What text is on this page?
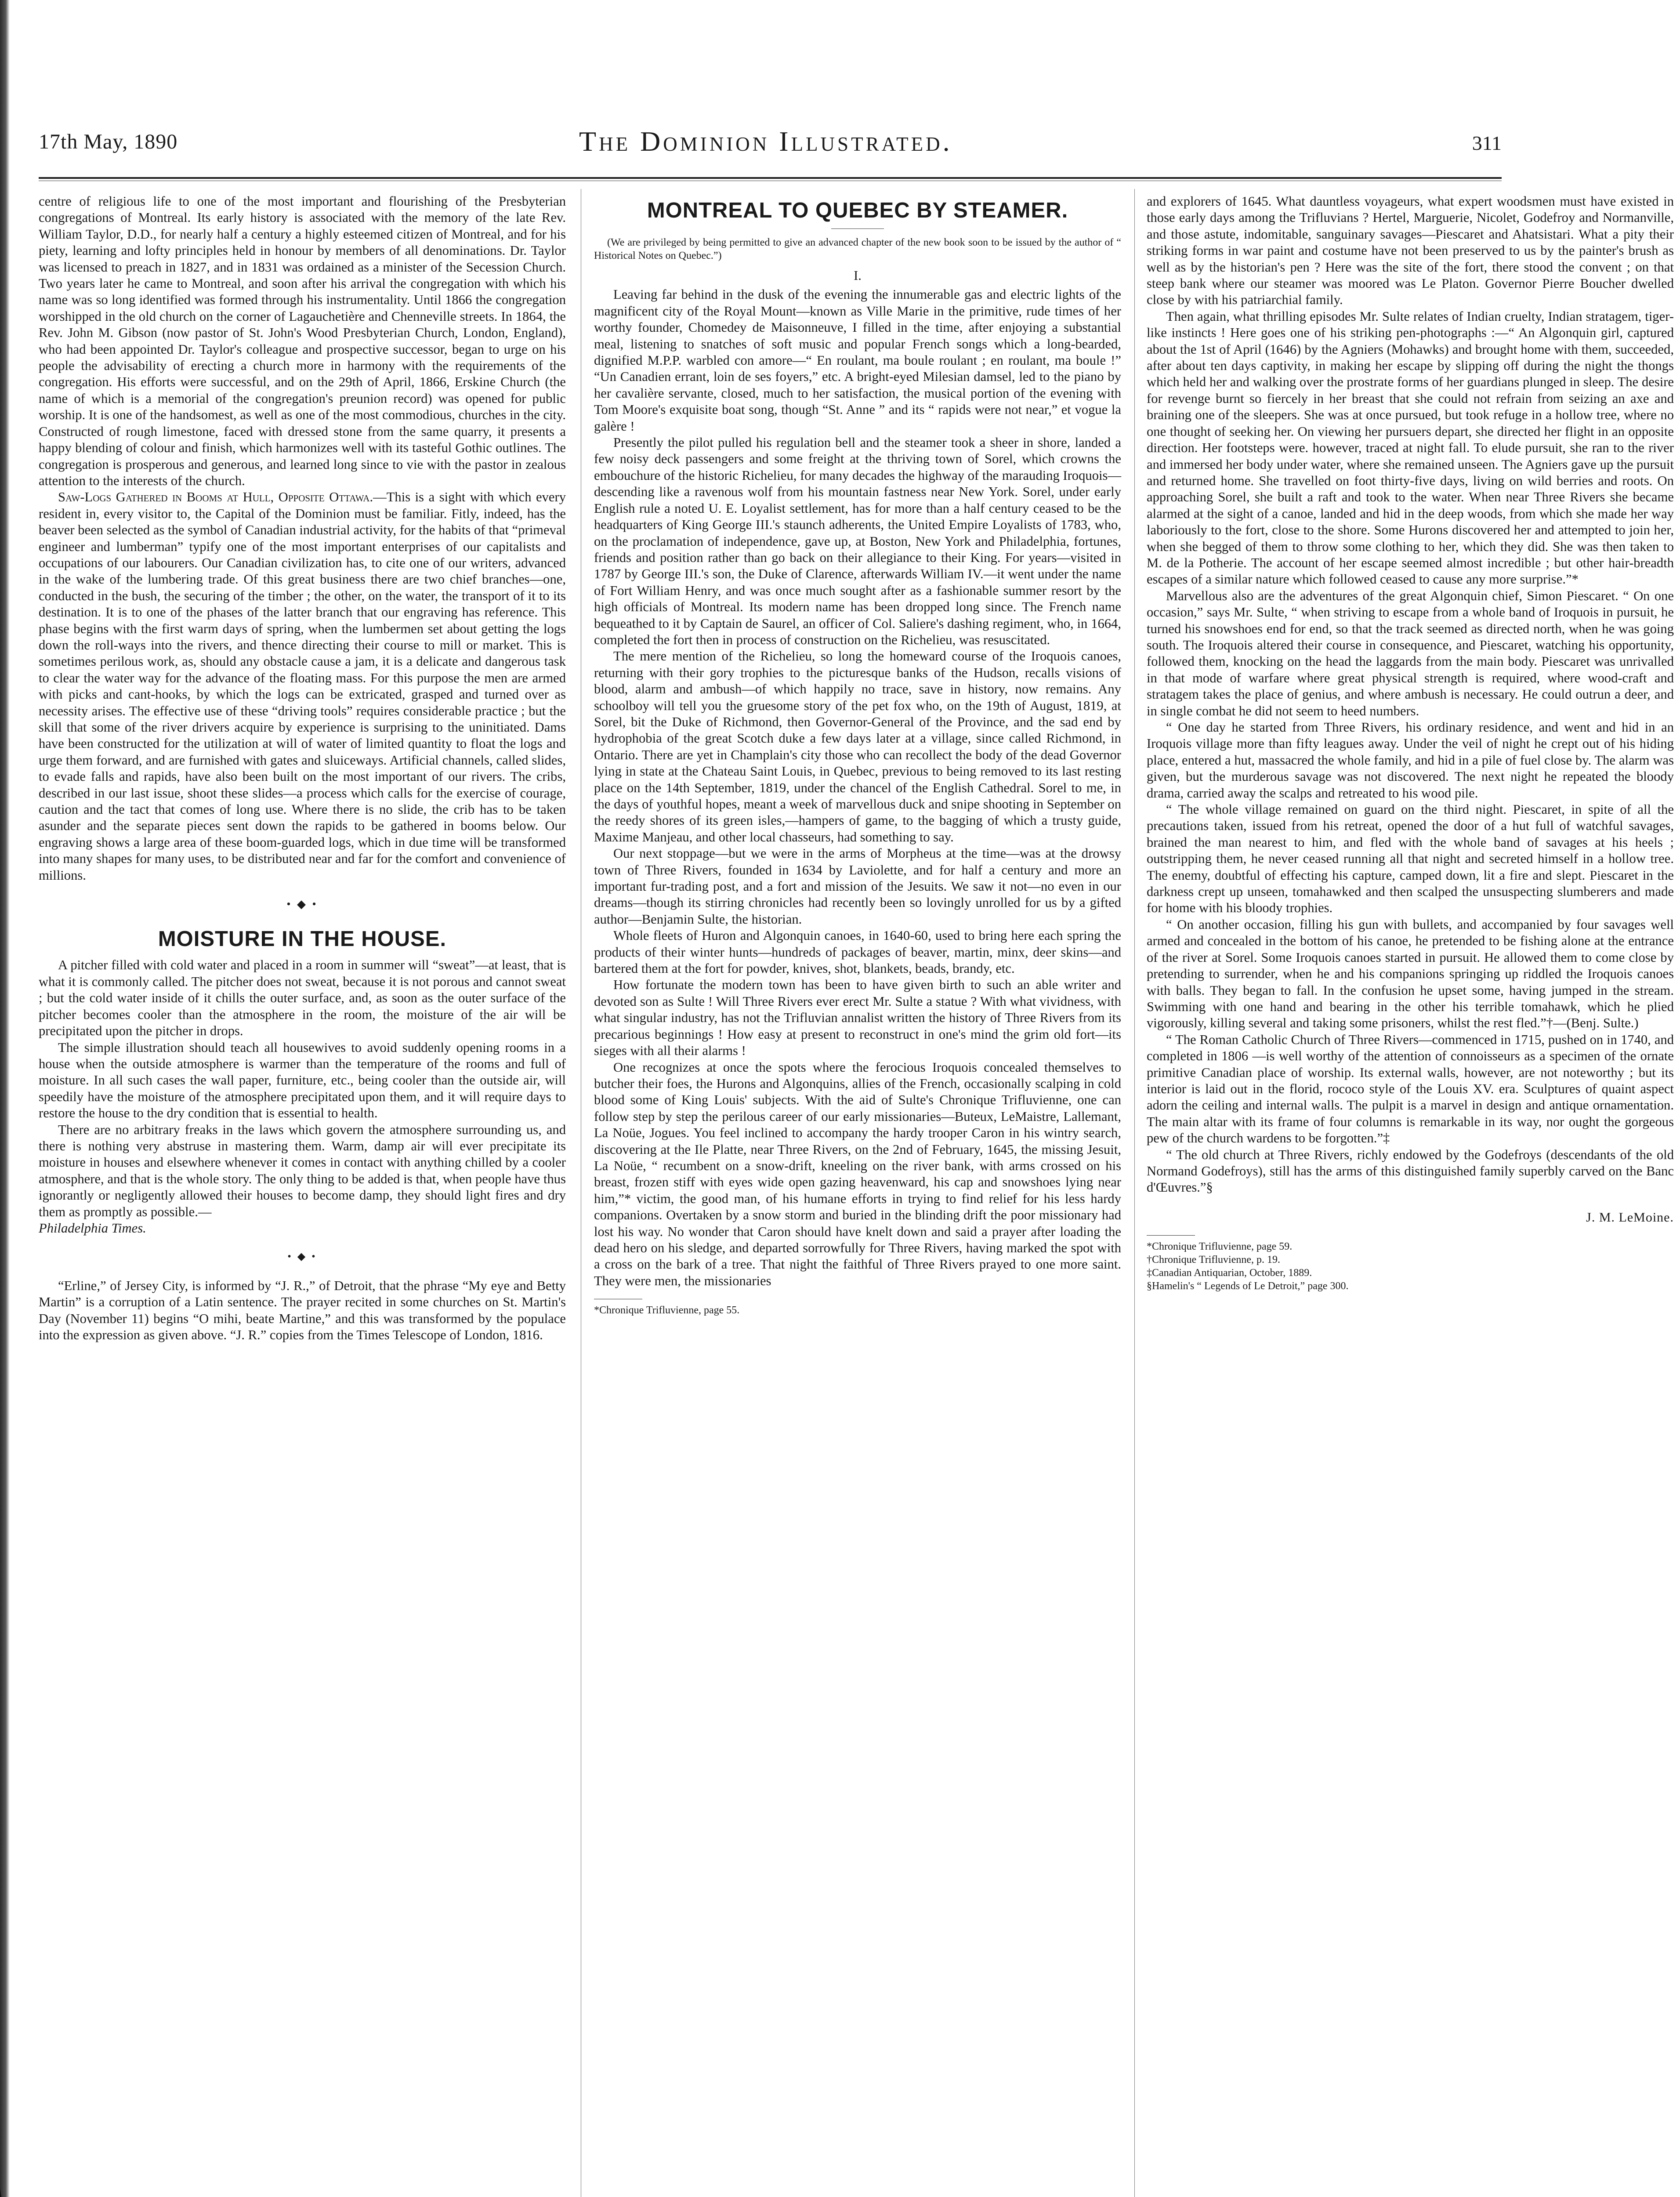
17th May, 1890	The Dominion Illustrated.	311

centre of religious life to one of the most important and flourishing of the Presbyterian congregations of Montreal. Its early history is associated with the memory of the late Rev. William Taylor, D.D., for nearly half a century a highly esteemed citizen of Montreal, and for his piety, learning and lofty principles held in honour by members of all denominations. Dr. Taylor was licensed to preach in 1827, and in 1831 was ordained as a minister of the Secession Church. Two years later he came to Montreal, and soon after his arrival the congregation with which his name was so long identified was formed through his instrumentality. Until 1866 the congregation worshipped in the old church on the corner of Lagauchetière and Chenneville streets. In 1864, the Rev. John M. Gibson (now pastor of St. John's Wood Presbyterian Church, London, England), who had been appointed Dr. Taylor's colleague and prospective successor, began to urge on his people the advisability of erecting a church more in harmony with the requirements of the congregation. His efforts were successful, and on the 29th of April, 1866, Erskine Church (the name of which is a memorial of the congregation's preunion record) was opened for public worship. It is one of the handsomest, as well as one of the most commodious, churches in the city. Constructed of rough limestone, faced with dressed stone from the same quarry, it presents a happy blending of colour and finish, which harmonizes well with its tasteful Gothic outlines. The congregation is prosperous and generous, and learned long since to vie with the pastor in zealous attention to the interests of the church.

Saw-Logs Gathered in Booms at Hull, Opposite Ottawa.—This is a sight with which every resident in, every visitor to, the Capital of the Dominion must be familiar. Fitly, indeed, has the beaver been selected as the symbol of Canadian industrial activity, for the habits of that “primeval engineer and lumberman” typify one of the most important enterprises of our capitalists and occupations of our labourers. Our Canadian civilization has, to cite one of our writers, advanced in the wake of the lumbering trade. Of this great business there are two chief branches—one, conducted in the bush, the securing of the timber ; the other, on the water, the transport of it to its destination. It is to one of the phases of the latter branch that our engraving has reference. This phase begins with the first warm days of spring, when the lumbermen set about getting the logs down the roll-ways into the rivers, and thence directing their course to mill or market. This is sometimes perilous work, as, should any obstacle cause a jam, it is a delicate and dangerous task to clear the water way for the advance of the floating mass. For this purpose the men are armed with picks and cant-hooks, by which the logs can be extricated, grasped and turned over as necessity arises. The effective use of these “driving tools” requires considerable practice ; but the skill that some of the river drivers acquire by experience is surprising to the uninitiated. Dams have been constructed for the utilization at will of water of limited quantity to float the logs and urge them forward, and are furnished with gates and sluiceways. Artificial channels, called slides, to evade falls and rapids, have also been built on the most important of our rivers. The cribs, described in our last issue, shoot these slides—a process which calls for the exercise of courage, caution and the tact that comes of long use. Where there is no slide, the crib has to be taken asunder and the separate pieces sent down the rapids to be gathered in booms below. Our engraving shows a large area of these boom-guarded logs, which in due time will be transformed into many shapes for many uses, to be distributed near and far for the comfort and convenience of millions.

• ◆ •
MOISTURE IN THE HOUSE.

A pitcher filled with cold water and placed in a room in summer will “sweat”—at least, that is what it is commonly called. The pitcher does not sweat, because it is not porous and cannot sweat ; but the cold water inside of it chills the outer surface, and, as soon as the outer surface of the pitcher becomes cooler than the atmosphere in the room, the moisture of the air will be precipitated upon the pitcher in drops.

The simple illustration should teach all housewives to avoid suddenly opening rooms in a house when the outside atmosphere is warmer than the temperature of the rooms and full of moisture. In all such cases the wall paper, furniture, etc., being cooler than the outside air, will speedily have the moisture of the atmosphere precipitated upon them, and it will require days to restore the house to the dry condition that is essential to health.

There are no arbitrary freaks in the laws which govern the atmosphere surrounding us, and there is nothing very abstruse in mastering them. Warm, damp air will ever precipitate its moisture in houses and elsewhere whenever it comes in contact with anything chilled by a cooler atmosphere, and that is the whole story. The only thing to be added is that, when people have thus ignorantly or negligently allowed their houses to become damp, they should light fires and dry them as promptly as possible.—
Philadelphia Times.

• ◆ •

“Erline,” of Jersey City, is informed by “J. R.,” of Detroit, that the phrase “My eye and Betty Martin” is a corruption of a Latin sentence. The prayer recited in some churches on St. Martin's Day (November 11) begins “O mihi, beate Martine,” and this was transformed by the populace into the expression as given above. “J. R.” copies from the Times Telescope of London, 1816.

MONTREAL TO QUEBEC BY STEAMER.

(We are privileged by being permitted to give an advanced chapter of the new book soon to be issued by the author of “ Historical Notes on Quebec.”)

I.

Leaving far behind in the dusk of the evening the innumerable gas and electric lights of the magnificent city of the Royal Mount—known as Ville Marie in the primitive, rude times of her worthy founder, Chomedey de Maisonneuve, I filled in the time, after enjoying a substantial meal, listening to snatches of soft music and popular French songs which a long-bearded, dignified M.P.P. warbled con amore—“ En roulant, ma boule roulant ; en roulant, ma boule !” “Un Canadien errant, loin de ses foyers,” etc. A bright-eyed Milesian damsel, led to the piano by her cavalière servante, closed, much to her satisfaction, the musical portion of the evening with Tom Moore's exquisite boat song, though “St. Anne ” and its “ rapids were not near,” et vogue la galère !

Presently the pilot pulled his regulation bell and the steamer took a sheer in shore, landed a few noisy deck passengers and some freight at the thriving town of Sorel, which crowns the embouchure of the historic Richelieu, for many decades the highway of the marauding Iroquois—descending like a ravenous wolf from his mountain fastness near New York. Sorel, under early English rule a noted U. E. Loyalist settlement, has for more than a half century ceased to be the headquarters of King George III.'s staunch adherents, the United Empire Loyalists of 1783, who, on the proclamation of independence, gave up, at Boston, New York and Philadelphia, fortunes, friends and position rather than go back on their allegiance to their King. For years—visited in 1787 by George III.'s son, the Duke of Clarence, afterwards William IV.—it went under the name of Fort William Henry, and was once much sought after as a fashionable summer resort by the high officials of Montreal. Its modern name has been dropped long since. The French name bequeathed to it by Captain de Saurel, an officer of Col. Saliere's dashing regiment, who, in 1664, completed the fort then in process of construction on the Richelieu, was resuscitated.

The mere mention of the Richelieu, so long the homeward course of the Iroquois canoes, returning with their gory trophies to the picturesque banks of the Hudson, recalls visions of blood, alarm and ambush—of which happily no trace, save in history, now remains. Any schoolboy will tell you the gruesome story of the pet fox who, on the 19th of August, 1819, at Sorel, bit the Duke of Richmond, then Governor-General of the Province, and the sad end by hydrophobia of the great Scotch duke a few days later at a village, since called Richmond, in Ontario. There are yet in Champlain's city those who can recollect the body of the dead Governor lying in state at the Chateau Saint Louis, in Quebec, previous to being removed to its last resting place on the 14th September, 1819, under the chancel of the English Cathedral. Sorel to me, in the days of youthful hopes, meant a week of marvellous duck and snipe shooting in September on the reedy shores of its green isles,—hampers of game, to the bagging of which a trusty guide, Maxime Manjeau, and other local chasseurs, had something to say.

Our next stoppage—but we were in the arms of Morpheus at the time—was at the drowsy town of Three Rivers, founded in 1634 by Laviolette, and for half a century and more an important fur-trading post, and a fort and mission of the Jesuits. We saw it not—no even in our dreams—though its stirring chronicles had recently been so lovingly unrolled for us by a gifted author—Benjamin Sulte, the historian.

Whole fleets of Huron and Algonquin canoes, in 1640-60, used to bring here each spring the products of their winter hunts—hundreds of packages of beaver, martin, minx, deer skins—and bartered them at the fort for powder, knives, shot, blankets, beads, brandy, etc.

How fortunate the modern town has been to have given birth to such an able writer and devoted son as Sulte ! Will Three Rivers ever erect Mr. Sulte a statue ? With what vividness, with what singular industry, has not the Trifluvian annalist written the history of Three Rivers from its precarious beginnings ! How easy at present to reconstruct in one's mind the grim old fort—its sieges with all their alarms !

One recognizes at once the spots where the ferocious Iroquois concealed themselves to butcher their foes, the Hurons and Algonquins, allies of the French, occasionally scalping in cold blood some of King Louis' subjects. With the aid of Sulte's Chronique Trifluvienne, one can follow step by step the perilous career of our early missionaries—Buteux, LeMaistre, Lallemant, La Noüe, Jogues. You feel inclined to accompany the hardy trooper Caron in his wintry search, discovering at the Ile Platte, near Three Rivers, on the 2nd of February, 1645, the missing Jesuit, La Noüe, “ recumbent on a snow-drift, kneeling on the river bank, with arms crossed on his breast, frozen stiff with eyes wide open gazing heavenward, his cap and snowshoes lying near him,”* victim, the good man, of his humane efforts in trying to find relief for his less hardy companions. Overtaken by a snow storm and buried in the blinding drift the poor missionary had lost his way. No wonder that Caron should have knelt down and said a prayer after loading the dead hero on his sledge, and departed sorrowfully for Three Rivers, having marked the spot with a cross on the bark of a tree. That night the faithful of Three Rivers prayed to one more saint. They were men, the missionaries

*Chronique Trifluvienne, page 55.

and explorers of 1645. What dauntless voyageurs, what expert woodsmen must have existed in those early days among the Trifluvians ? Hertel, Marguerie, Nicolet, Godefroy and Normanville, and those astute, indomitable, sanguinary savages—Piescaret and Ahatsistari. What a pity their striking forms in war paint and costume have not been preserved to us by the painter's brush as well as by the historian's pen ? Here was the site of the fort, there stood the convent ; on that steep bank where our steamer was moored was Le Platon. Governor Pierre Boucher dwelled close by with his patriarchial family.

Then again, what thrilling episodes Mr. Sulte relates of Indian cruelty, Indian stratagem, tiger-like instincts ! Here goes one of his striking pen-photographs :—“ An Algonquin girl, captured about the 1st of April (1646) by the Agniers (Mohawks) and brought home with them, succeeded, after about ten days captivity, in making her escape by slipping off during the night the thongs which held her and walking over the prostrate forms of her guardians plunged in sleep. The desire for revenge burnt so fiercely in her breast that she could not refrain from seizing an axe and braining one of the sleepers. She was at once pursued, but took refuge in a hollow tree, where no one thought of seeking her. On viewing her pursuers depart, she directed her flight in an opposite direction. Her footsteps were. however, traced at night fall. To elude pursuit, she ran to the river and immersed her body under water, where she remained unseen. The Agniers gave up the pursuit and returned home. She travelled on foot thirty-five days, living on wild berries and roots. On approaching Sorel, she built a raft and took to the water. When near Three Rivers she became alarmed at the sight of a canoe, landed and hid in the deep woods, from which she made her way laboriously to the fort, close to the shore. Some Hurons discovered her and attempted to join her, when she begged of them to throw some clothing to her, which they did. She was then taken to M. de la Potherie. The account of her escape seemed almost incredible ; but other hair-breadth escapes of a similar nature which followed ceased to cause any more surprise.”*

Marvellous also are the adventures of the great Algonquin chief, Simon Piescaret. “ On one occasion,” says Mr. Sulte, “ when striving to escape from a whole band of Iroquois in pursuit, he turned his snowshoes end for end, so that the track seemed as directed north, when he was going south. The Iroquois altered their course in consequence, and Piescaret, watching his opportunity, followed them, knocking on the head the laggards from the main body. Piescaret was unrivalled in that mode of warfare where great physical strength is required, where wood-craft and stratagem takes the place of genius, and where ambush is necessary. He could outrun a deer, and in single combat he did not seem to heed numbers.

“ One day he started from Three Rivers, his ordinary residence, and went and hid in an Iroquois village more than fifty leagues away. Under the veil of night he crept out of his hiding place, entered a hut, massacred the whole family, and hid in a pile of fuel close by. The alarm was given, but the murderous savage was not discovered. The next night he repeated the bloody drama, carried away the scalps and retreated to his wood pile.

“ The whole village remained on guard on the third night. Piescaret, in spite of all the precautions taken, issued from his retreat, opened the door of a hut full of watchful savages, brained the man nearest to him, and fled with the whole band of savages at his heels ; outstripping them, he never ceased running all that night and secreted himself in a hollow tree. The enemy, doubtful of effecting his capture, camped down, lit a fire and slept. Piescaret in the darkness crept up unseen, tomahawked and then scalped the unsuspecting slumberers and made for home with his bloody trophies.

“ On another occasion, filling his gun with bullets, and accompanied by four savages well armed and concealed in the bottom of his canoe, he pretended to be fishing alone at the entrance of the river at Sorel. Some Iroquois canoes started in pursuit. He allowed them to come close by pretending to surrender, when he and his companions springing up riddled the Iroquois canoes with balls. They began to fall. In the confusion he upset some, having jumped in the stream. Swimming with one hand and bearing in the other his terrible tomahawk, which he plied vigorously, killing several and taking some prisoners, whilst the rest fled.”†—(Benj. Sulte.)

“ The Roman Catholic Church of Three Rivers—commenced in 1715, pushed on in 1740, and completed in 1806 —is well worthy of the attention of connoisseurs as a specimen of the ornate primitive Canadian place of worship. Its external walls, however, are not noteworthy ; but its interior is laid out in the florid, rococo style of the Louis XV. era. Sculptures of quaint aspect adorn the ceiling and internal walls. The pulpit is a marvel in design and antique ornamentation. The main altar with its frame of four columns is remarkable in its way, nor ought the gorgeous pew of the church wardens to be forgotten.”‡

“ The old church at Three Rivers, richly endowed by the Godefroys (descendants of the old Normand Godefroys), still has the arms of this distinguished family superbly carved on the Banc d'Œuvres.”§

J. M. LeMoine.

*Chronique Trifluvienne, page 59.

†Chronique Trifluvienne, p. 19.

‡Canadian Antiquarian, October, 1889.

§Hamelin's “ Legends of Le Detroit,” page 300.
